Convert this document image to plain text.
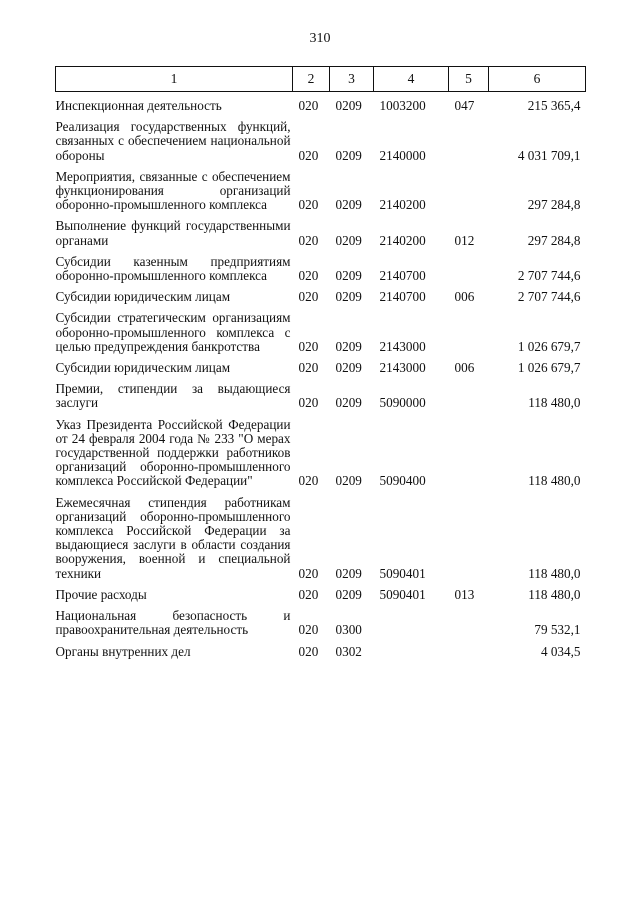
310
1	2	3	4	5	6

Инспекционная деятельность	020	0209	1003200	047	215 365,4

Реализация государственных функций, связанных с обеспечением национальной обороны	020	0209	2140000		4 031 709,1

Мероприятия, связанные с обеспечением функционирования организаций оборонно-промышленного комплекса	020	0209	2140200		297 284,8

Выполнение функций государственными органами	020	0209	2140200	012	297 284,8

Субсидии казенным предприятиям оборонно-промышленного комплекса	020	0209	2140700		2 707 744,6

Субсидии юридическим лицам	020	0209	2140700	006	2 707 744,6

Субсидии стратегическим организациям оборонно-промышленного комплекса с целью предупреждения банкротства	020	0209	2143000		1 026 679,7

Субсидии юридическим лицам	020	0209	2143000	006	1 026 679,7

Премии, стипендии за выдающиеся заслуги	020	0209	5090000		118 480,0

Указ Президента Российской Федерации от 24 февраля 2004 года № 233 "О мерах государственной поддержки работников организаций оборонно-промышленного комплекса Российской Федерации"	020	0209	5090400		118 480,0

Ежемесячная стипендия работникам организаций оборонно-промышленного комплекса Российской Федерации за выдающиеся заслуги в области создания вооружения, военной и специальной техники	020	0209	5090401		118 480,0

Прочие расходы	020	0209	5090401	013	118 480,0

Национальная безопасность и правоохранительная деятельность	020	0300			79 532,1

Органы внутренних дел	020	0302			4 034,5
